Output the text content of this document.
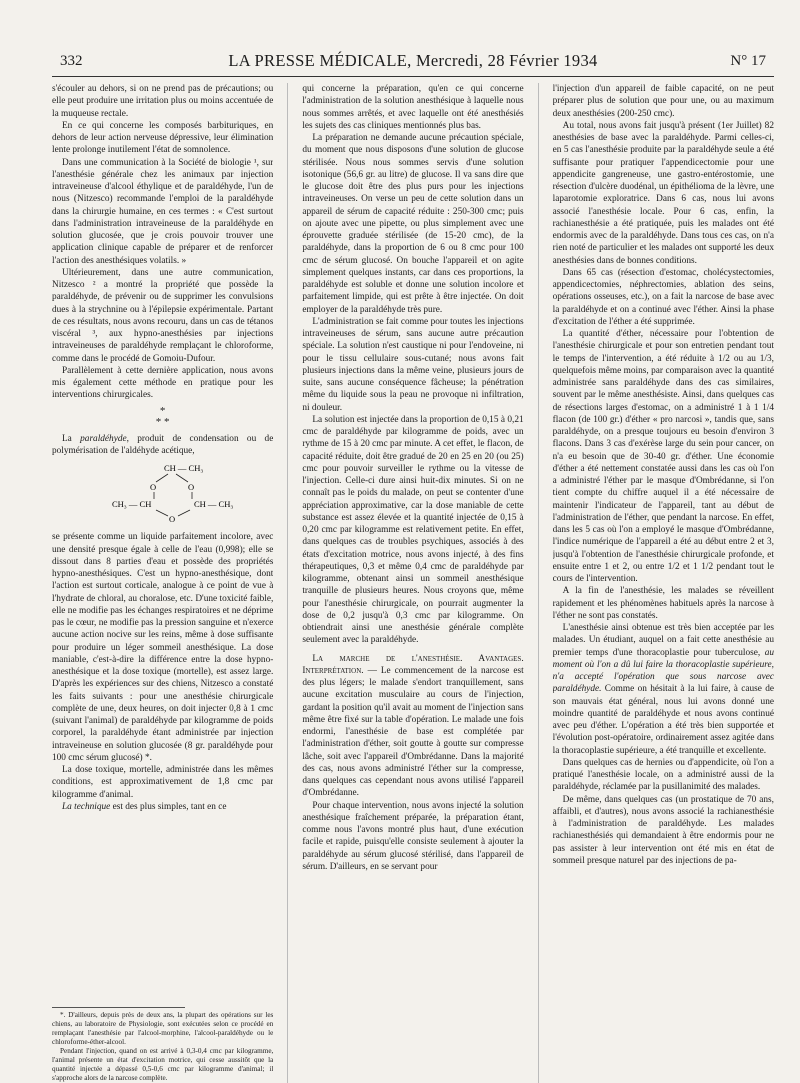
332	LA PRESSE MÉDICALE, Mercredi, 28 Février 1934	N° 17

s'écouler au dehors, si on ne prend pas de précautions; ou elle peut produire une irritation plus ou moins accentuée de la muqueuse rectale.

En ce qui concerne les composés barbituriques, en dehors de leur action nerveuse dépressive, leur élimination lente prolonge inutilement l'état de somnolence.

Dans une communication à la Société de biologie ¹, sur l'anesthésie générale chez les animaux par injection intraveineuse d'alcool éthylique et de paraldéhyde, l'un de nous (Nitzesco) recommande l'emploi de la paraldéhyde dans la chirurgie humaine, en ces termes : « C'est surtout dans l'administration intraveineuse de la paraldéhyde en solution glucosée, que je crois pouvoir trouver une application clinique capable de préparer et de renforcer l'action des anesthésiques volatils. »

Ultérieurement, dans une autre communication, Nitzesco ² a montré la propriété que possède la paraldéhyde, de prévenir ou de supprimer les convulsions dues à la strychnine ou à l'épilepsie expérimentale. Partant de ces résultats, nous avons recouru, dans un cas de tétanos viscéral ³, aux hypno-anesthésies par injections intraveineuses de paraldéhyde remplaçant le chloroforme, comme dans le procédé de Gomoiu-Dufour.

Parallèlement à cette dernière application, nous avons mis également cette méthode en pratique pour les interventions chirurgicales.

*
* *

La paraldéhyde, produit de condensation ou de polymérisation de l'aldéhyde acétique,

CH — CH₃
O	O
CH₃ — CH	CH — CH₃
O

se présente comme un liquide parfaitement incolore, avec une densité presque égale à celle de l'eau (0,998); elle se dissout dans 8 parties d'eau et possède des propriétés hypno-anesthésiques. C'est un hypno-anesthésique, dont l'action est surtout corticale, analogue à ce point de vue à l'hydrate de chloral, au choralose, etc. D'une toxicité faible, elle ne modifie pas les échanges respiratoires et ne déprime pas le cœur, ne modifie pas la pression sanguine et n'exerce aucune action nocive sur les reins, même à dose suffisante pour produire un léger sommeil anesthésique. La dose maniable, c'est-à-dire la différence entre la dose hypno-anesthésique et la dose toxique (mortelle), est assez large. D'après les expériences sur des chiens, Nitzesco a constaté les faits suivants : pour une anesthésie chirurgicale complète de une, deux heures, on doit injecter 0,8 à 1 cmc (suivant l'animal) de paraldéhyde par kilogramme de poids corporel, la paraldéhyde étant administrée par injection intraveineuse en solution glucosée (8 gr. paraldéhyde pour 100 cmc sérum glucosé) *.

La dose toxique, mortelle, administrée dans les mêmes conditions, est approximativement de 1,8 cmc par kilogramme d'animal.

La technique est des plus simples, tant en ce

*. D'ailleurs, depuis près de deux ans, la plupart des opérations sur les chiens, au laboratoire de Physiologie, sont exécutées selon ce procédé en remplaçant l'anesthésie par l'alcool-morphine, l'alcool-paraldéhyde ou le chloroforme-éther-alcool.

Pendant l'injection, quand on est arrivé à 0,3-0,4 cmc par kilogramme, l'animal présente un état d'excitation motrice, qui cesse aussitôt que la quantité injectée a dépassé 0,5-0,6 cmc par kilogramme d'animal; il s'approche alors de la narcose complète.

qui concerne la préparation, qu'en ce qui concerne l'administration de la solution anesthésique à laquelle nous nous sommes arrêtés, et avec laquelle ont été anesthésiés les sujets des cas cliniques mentionnés plus bas.

La préparation ne demande aucune précaution spéciale, du moment que nous disposons d'une solution de glucose stérilisée. Nous nous sommes servis d'une solution isotonique (56,6 gr. au litre) de glucose. Il va sans dire que le glucose doit être des plus purs pour les injections intraveineuses. On verse un peu de cette solution dans un appareil de sérum de capacité réduite : 250-300 cmc; puis on ajoute avec une pipette, ou plus simplement avec une éprouvette graduée stérilisée (de 15-20 cmc), de la paraldéhyde, dans la proportion de 6 ou 8 cmc pour 100 cmc de sérum glucosé. On bouche l'appareil et on agite simplement quelques instants, car dans ces proportions, la paraldéhyde est soluble et donne une solution incolore et parfaitement limpide, qui est prête à être injectée. On doit employer de la paraldéhyde très pure.

L'administration se fait comme pour toutes les injections intraveineuses de sérum, sans aucune autre précaution spéciale. La solution n'est caustique ni pour l'endoveine, ni pour le tissu cellulaire sous-cutané; nous avons fait plusieurs injections dans la même veine, plusieurs jours de suite, sans aucune conséquence fâcheuse; la pénétration même du liquide sous la peau ne provoque ni infiltration, ni douleur.

La solution est injectée dans la proportion de 0,15 à 0,21 cmc de paraldéhyde par kilogramme de poids, avec un rythme de 15 à 20 cmc par minute. A cet effet, le flacon, de capacité réduite, doit être gradué de 20 en 25 en 20 (ou 25) cmc pour pouvoir surveiller le rythme ou la vitesse de l'injection. Celle-ci dure ainsi huit-dix minutes. Si on ne connaît pas le poids du malade, on peut se contenter d'une appréciation approximative, car la dose maniable de cette substance est assez élevée et la quantité injectée de 0,15 à 0,20 cmc par kilogramme est relativement petite. En effet, dans quelques cas de troubles psychiques, associés à des états d'excitation motrice, nous avons injecté, à des fins thérapeutiques, 0,3 et même 0,4 cmc de paraldéhyde par kilogramme, obtenant ainsi un sommeil anesthésique tranquille de plusieurs heures. Nous croyons que, même pour l'anesthésie chirurgicale, on pourrait augmenter la dose de 0,2 jusqu'à 0,3 cmc par kilogramme. On obtiendrait ainsi une anesthésie générale complète seulement avec la paraldéhyde.

La marche de l'anesthésie. Avantages. Interprétation. — Le commencement de la narcose est des plus légers; le malade s'endort tranquillement, sans aucune excitation musculaire au cours de l'injection, gardant la position qu'il avait au moment de l'injection sans même être fixé sur la table d'opération. Le malade une fois endormi, l'anesthésie de base est complétée par l'administration d'éther, soit goutte à goutte sur compresse lâche, soit avec l'appareil d'Ombrédanne. Dans la majorité des cas, nous avons administré l'éther sur la compresse, dans quelques cas cependant nous avons utilisé l'appareil d'Ombrédanne.

Pour chaque intervention, nous avons injecté la solution anesthésique fraîchement préparée, la préparation étant, comme nous l'avons montré plus haut, d'une exécution facile et rapide, puisqu'elle consiste seulement à ajouter la paraldéhyde au sérum glucosé stérilisé, dans l'appareil de sérum. D'ailleurs, en se servant pour

l'injection d'un appareil de faible capacité, on ne peut préparer plus de solution que pour une, ou au maximum deux anesthésies (200-250 cmc).

Au total, nous avons fait jusqu'à présent (1er Juillet) 82 anesthésies de base avec la paraldéhyde. Parmi celles-ci, en 5 cas l'anesthésie produite par la paraldéhyde seule a été suffisante pour pratiquer l'appendicectomie pour une appendicite gangreneuse, une gastro-entérostomie, une résection d'ulcère duodénal, un épithélioma de la lèvre, une laparotomie exploratrice. Dans 6 cas, nous lui avons associé l'anesthésie locale. Pour 6 cas, enfin, la rachianesthésie a été pratiquée, puis les malades ont été endormis avec de la paraldéhyde. Dans tous ces cas, on n'a rien noté de particulier et les malades ont supporté les deux anesthésies dans de bonnes conditions.

Dans 65 cas (résection d'estomac, cholécystectomies, appendicectomies, néphrectomies, ablation des seins, opérations osseuses, etc.), on a fait la narcose de base avec la paraldéhyde et on a continué avec l'éther. Ainsi la phase d'excitation de l'éther a été supprimée.

La quantité d'éther, nécessaire pour l'obtention de l'anesthésie chirurgicale et pour son entretien pendant tout le temps de l'intervention, a été réduite à 1/2 ou au 1/3, quelquefois même moins, par comparaison avec la quantité administrée sans paraldéhyde dans des cas similaires, souvent par le même anesthésiste. Ainsi, dans quelques cas de résections larges d'estomac, on a administré 1 à 1 1/4 flacon (de 100 gr.) d'éther « pro narcosi », tandis que, sans paraldéhyde, on a presque toujours eu besoin d'environ 3 flacons. Dans 3 cas d'exérèse large du sein pour cancer, on n'a eu besoin que de 30-40 gr. d'éther. Une économie d'éther a été nettement constatée aussi dans les cas où l'on a administré l'éther par le masque d'Ombrédanne, si l'on tient compte du chiffre auquel il a été nécessaire de maintenir l'indicateur de l'appareil, tant au début de l'administration de l'éther, que pendant la narcose. En effet, dans les 5 cas où l'on a employé le masque d'Ombrédanne, l'indice numérique de l'appareil a été au début entre 2 et 3, jusqu'à l'obtention de l'anesthésie chirurgicale profonde, et ensuite entre 1 et 2, ou entre 1/2 et 1 1/2 pendant tout le cours de l'intervention.

A la fin de l'anesthésie, les malades se réveillent rapidement et les phénomènes habituels après la narcose à l'éther ne sont pas constatés.

L'anesthésie ainsi obtenue est très bien acceptée par les malades. Un étudiant, auquel on a fait cette anesthésie au premier temps d'une thoracoplastie pour tuberculose, au moment où l'on a dû lui faire la thoracoplastie supérieure, n'a accepté l'opération que sous narcose avec paraldéhyde. Comme on hésitait à la lui faire, à cause de son mauvais état général, nous lui avons donné une moindre quantité de paraldéhyde et nous avons continué avec peu d'éther. L'opération a été très bien supportée et l'évolution post-opératoire, ordinairement assez agitée dans la thoracoplastie supérieure, a été tranquille et excellente.

Dans quelques cas de hernies ou d'appendicite, où l'on a pratiqué l'anesthésie locale, on a administré aussi de la paraldéhyde, réclamée par la pusillanimité des malades.

De même, dans quelques cas (un prostatique de 70 ans, affaibli, et d'autres), nous avons associé la rachianesthésie à l'administration de paraldéhyde. Les malades rachianesthésiés qui demandaient à être endormis pour ne pas assister à leur intervention ont été mis en état de sommeil presque naturel par des injections de pa-
